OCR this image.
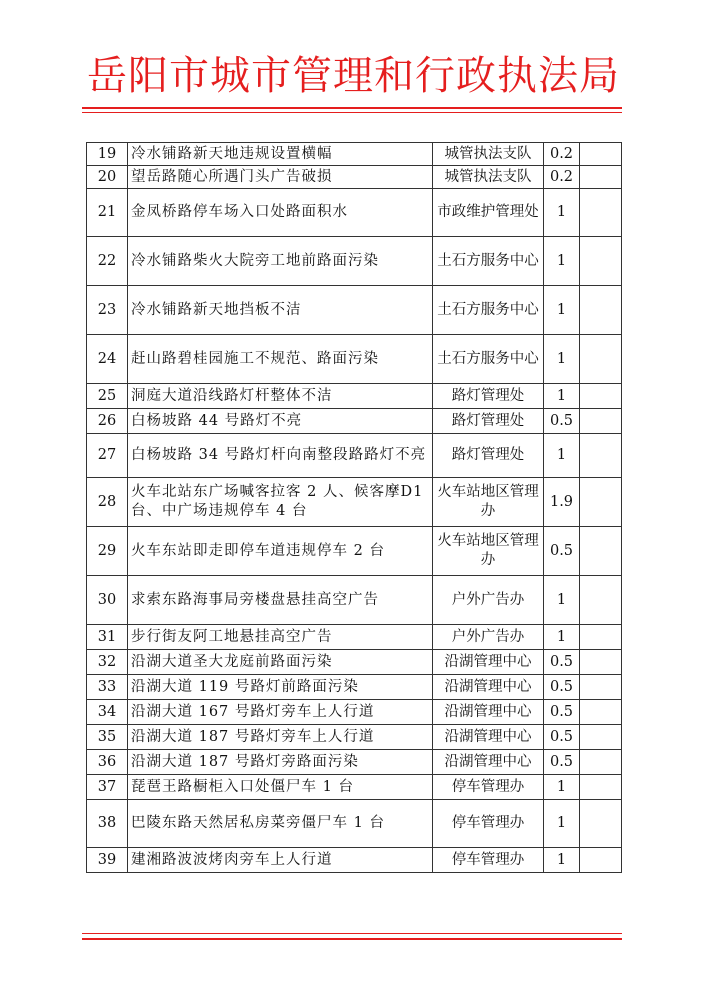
岳阳市城市管理和行政执法局
19	冷水铺路新天地违规设置横幅	城管执法支队	0.2	
20	望岳路随心所遇门头广告破损	城管执法支队	0.2	
21	金凤桥路停车场入口处路面积水	市政维护管理处	1	
22	冷水铺路柴火大院旁工地前路面污染	土石方服务中心	1	
23	冷水铺路新天地挡板不洁	土石方服务中心	1	
24	赶山路碧桂园施工不规范、路面污染	土石方服务中心	1	
25	洞庭大道沿线路灯杆整体不洁	路灯管理处	1	
26	白杨坡路 44 号路灯不亮	路灯管理处	0.5	
27	白杨坡路 34 号路灯杆向南整段路路灯不亮	路灯管理处	1	
28	火车北站东广场喊客拉客 2 人、候客摩D1 台、中广场违规停车 4 台	火车站地区管理办	1.9	
29	火车东站即走即停车道违规停车 2 台	火车站地区管理办	0.5	
30	求索东路海事局旁楼盘悬挂高空广告	户外广告办	1	
31	步行街友阿工地悬挂高空广告	户外广告办	1	
32	沿湖大道圣大龙庭前路面污染	沿湖管理中心	0.5	
33	沿湖大道 119 号路灯前路面污染	沿湖管理中心	0.5	
34	沿湖大道 167 号路灯旁车上人行道	沿湖管理中心	0.5	
35	沿湖大道 187 号路灯旁车上人行道	沿湖管理中心	0.5	
36	沿湖大道 187 号路灯旁路面污染	沿湖管理中心	0.5	
37	琵琶王路橱柜入口处僵尸车 1 台	停车管理办	1	
38	巴陵东路天然居私房菜旁僵尸车 1 台	停车管理办	1	
39	建湘路波波烤肉旁车上人行道	停车管理办	1	
